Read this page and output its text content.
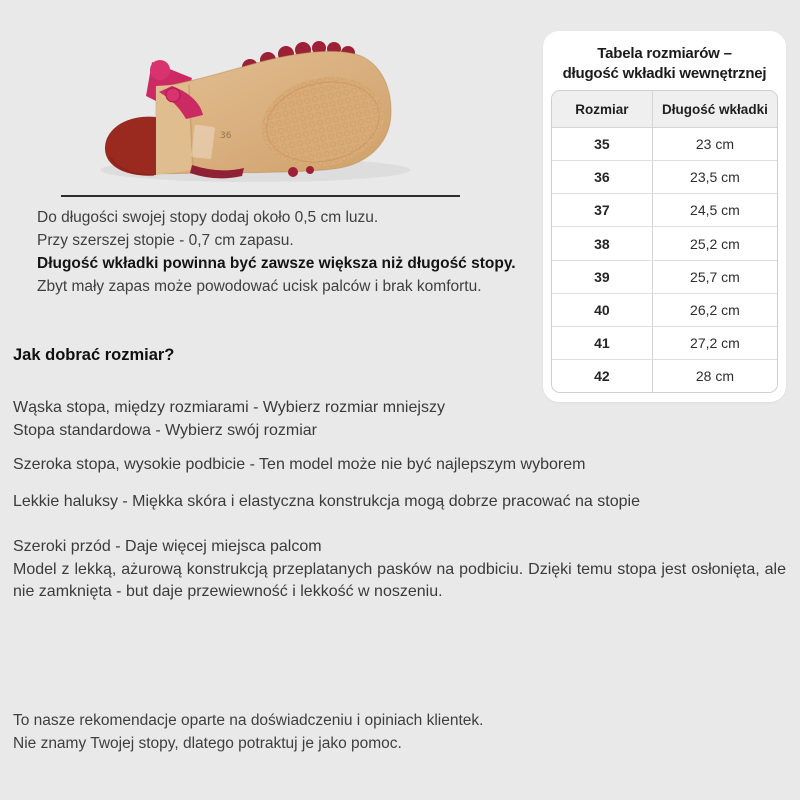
36
Do długości swojej stopy dodaj około 0,5 cm luzu.
Przy szerszej stopie - 0,7 cm zapasu.
Długość wkładki powinna być zawsze większa niż długość stopy.
Zbyt mały zapas może powodować ucisk palców i brak komfortu.
Tabela rozmiarów –
długość wkładki wewnętrznej
Rozmiar	Długość wkładki
35	23 cm
36	23,5 cm
37	24,5 cm
38	25,2 cm
39	25,7 cm
40	26,2 cm
41	27,2 cm
42	28 cm
Jak dobrać rozmiar?
Wąska stopa, między rozmiarami - Wybierz rozmiar mniejszy
Stopa standardowa - Wybierz swój rozmiar
Szeroka stopa, wysokie podbicie - Ten model może nie być najlepszym wyborem
Lekkie haluksy - Miękka skóra i elastyczna konstrukcja mogą dobrze pracować na stopie
Szeroki przód - Daje więcej miejsca palcom
Model z lekką, ażurową konstrukcją przeplatanych pasków na podbiciu. Dzięki temu stopa jest osłonięta, ale nie zamknięta - but daje przewiewność i lekkość w noszeniu.
To nasze rekomendacje oparte na doświadczeniu i opiniach klientek.
Nie znamy Twojej stopy, dlatego potraktuj je jako pomoc.
